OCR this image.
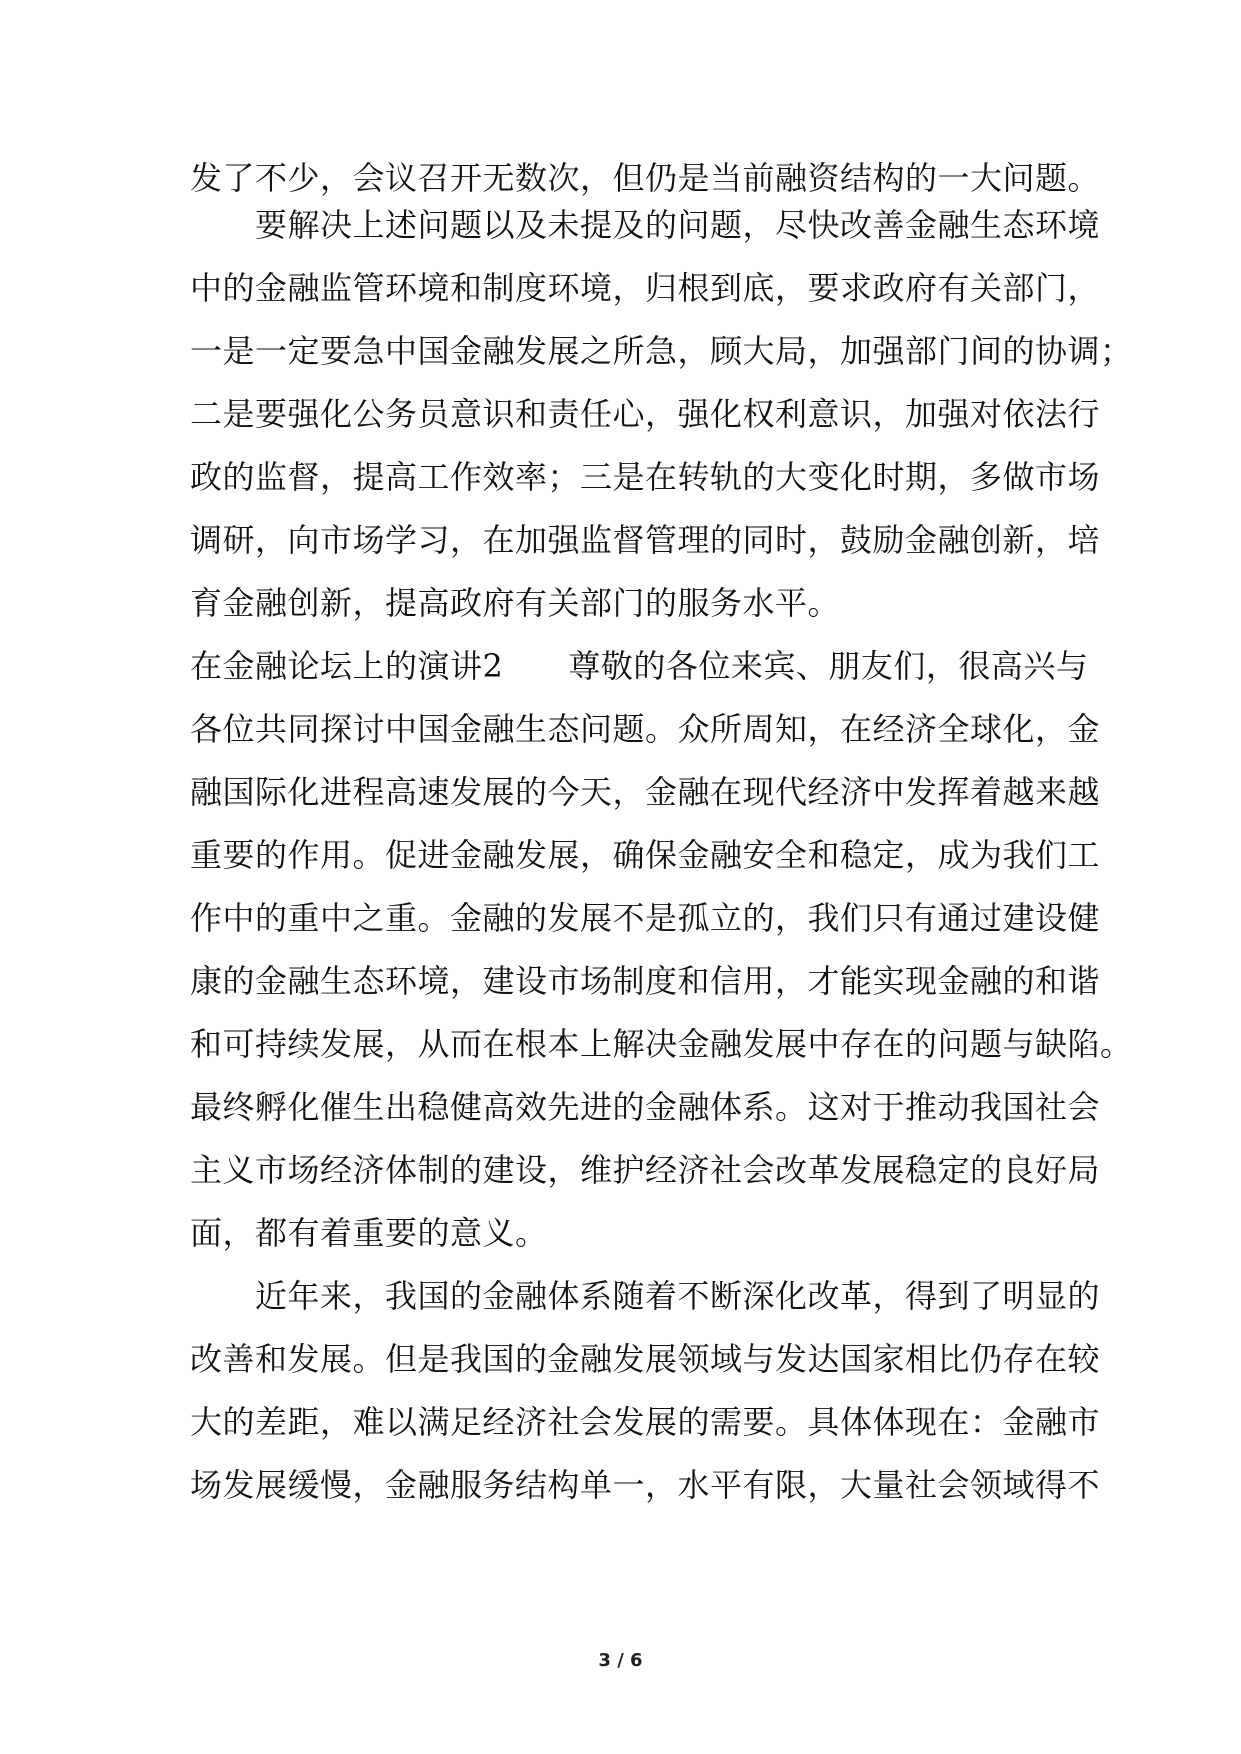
发了不少，会议召开无数次，但仍是当前融资结构的一大问题。
　　要解决上述问题以及未提及的问题，尽快改善金融生态环境
中的金融监管环境和制度环境，归根到底，要求政府有关部门，
一是一定要急中国金融发展之所急，顾大局，加强部门间的协调；
二是要强化公务员意识和责任心，强化权利意识，加强对依法行
政的监督，提高工作效率；三是在转轨的大变化时期，多做市场
调研，向市场学习，在加强监督管理的同时，鼓励金融创新，培
育金融创新，提高政府有关部门的服务水平。
在金融论坛上的演讲2　　尊敬的各位来宾、朋友们，很高兴与
各位共同探讨中国金融生态问题。众所周知，在经济全球化，金
融国际化进程高速发展的今天，金融在现代经济中发挥着越来越
重要的作用。促进金融发展，确保金融安全和稳定，成为我们工
作中的重中之重。金融的发展不是孤立的，我们只有通过建设健
康的金融生态环境，建设市场制度和信用，才能实现金融的和谐
和可持续发展，从而在根本上解决金融发展中存在的问题与缺陷。
最终孵化催生出稳健高效先进的金融体系。这对于推动我国社会
主义市场经济体制的建设，维护经济社会改革发展稳定的良好局
面，都有着重要的意义。
　　近年来，我国的金融体系随着不断深化改革，得到了明显的
改善和发展。但是我国的金融发展领域与发达国家相比仍存在较
大的差距，难以满足经济社会发展的需要。具体体现在：金融市
场发展缓慢，金融服务结构单一，水平有限，大量社会领域得不
3 / 6
